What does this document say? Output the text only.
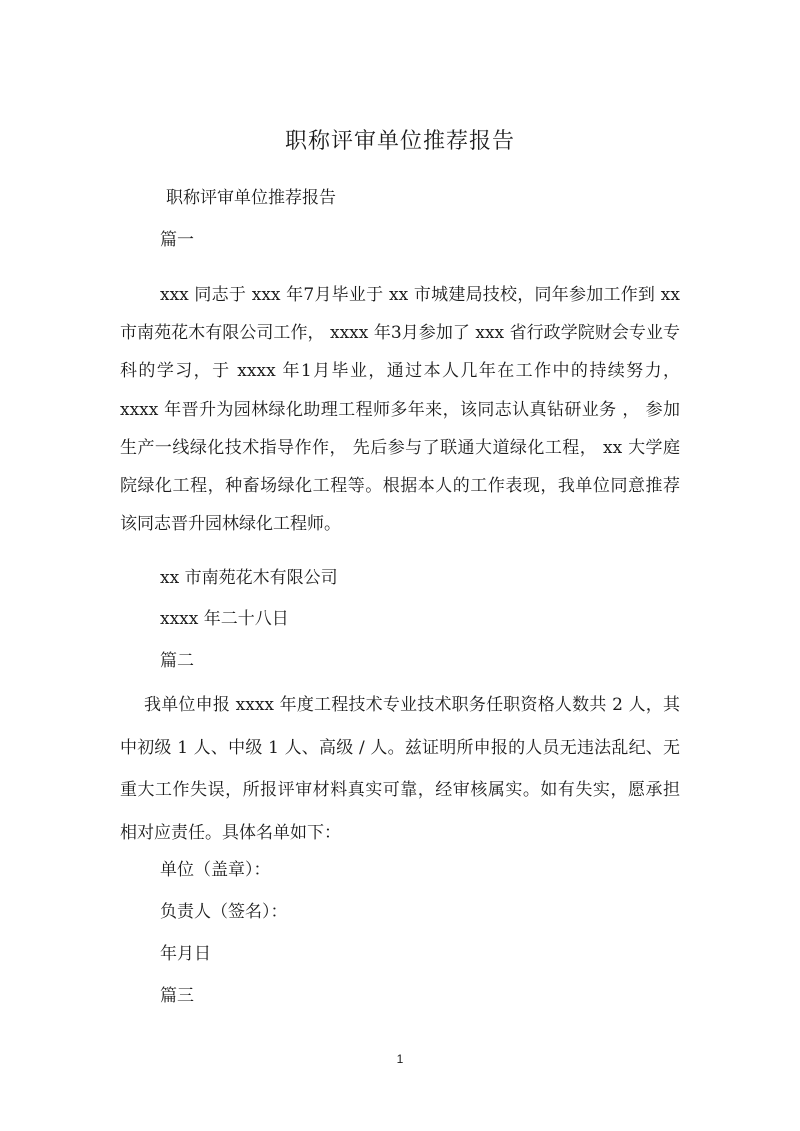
职称评审单位推荐报告
职称评审单位推荐报告
篇一

xxx 同志于 xxx 年7月毕业于 xx 市城建局技校，同年参加工作到 xx 市南苑花木有限公司工作， xxxx 年3月参加了 xxx 省行政学院财会专业专科的学习，于 xxxx 年1月毕业，通过本人几年在工作中的持续努力， xxxx 年晋升为园林绿化助理工程师多年来，该同志认真钻研业务 ， 参加生产一线绿化技术指导作作， 先后参与了联通大道绿化工程， xx 大学庭院绿化工程，种畜场绿化工程等。根据本人的工作表现，我单位同意推荐该同志晋升园林绿化工程师。

xx 市南苑花木有限公司
xxxx 年二十八日
篇二

我单位申报 xxxx 年度工程技术专业技术职务任职资格人数共 2 人，其中初级 1 人、中级 1 人、高级 / 人。兹证明所申报的人员无违法乱纪、无重大工作失误，所报评审材料真实可靠，经审核属实。如有失实，愿承担相对应责任。具体名单如下：

单位（盖章）：
负责人（签名）：
年月日
篇三
1
